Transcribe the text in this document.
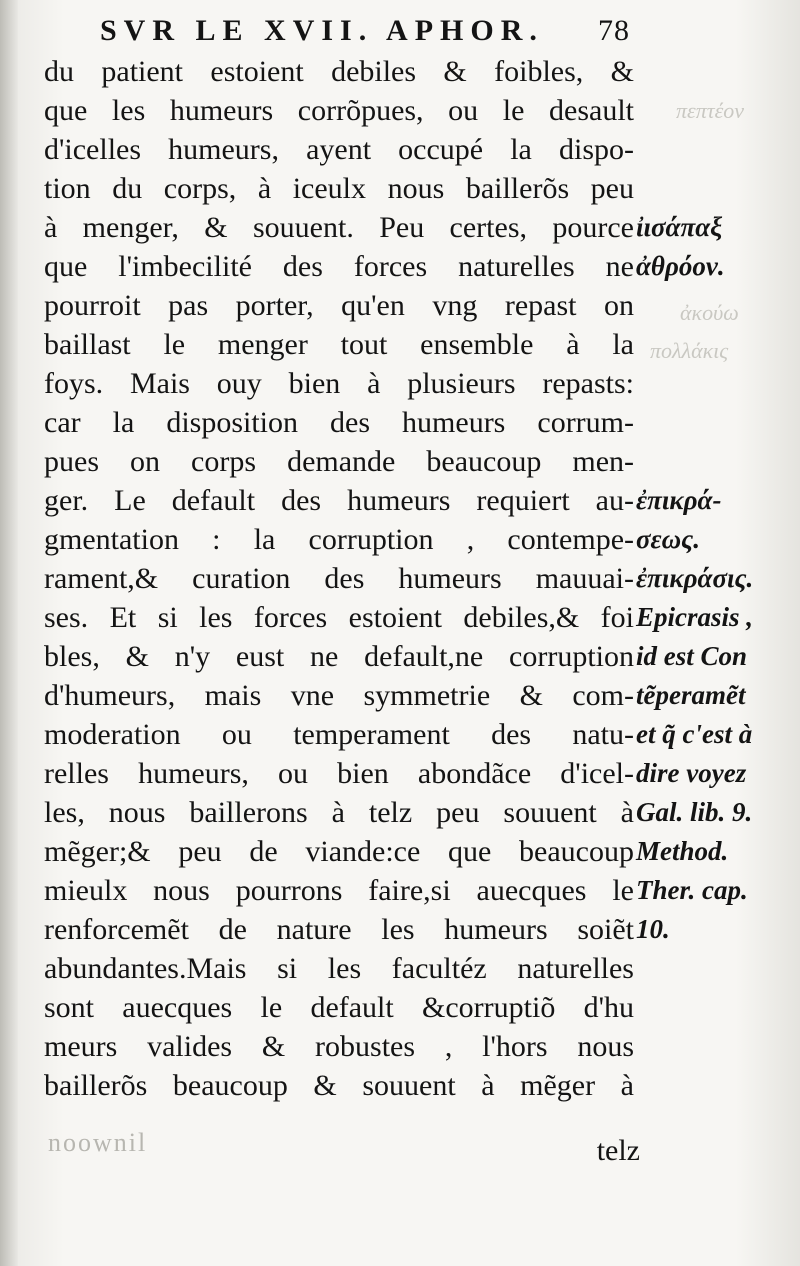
SVR LE XVII. APHOR. 78
du patient estoient debiles & foibles, &
que les humeurs corrõpues, ou le desault
d'icelles humeurs, ayent occupé la dispo-
tion du corps, à iceulx nous baillerõs peu
à menger, & souuent. Peu certes, pource
que l'imbecilité des forces naturelles ne
pourroit pas porter, qu'en vng repast on
baillast le menger tout ensemble à la
foys. Mais ouy bien à plusieurs repasts:
car la disposition des humeurs corrum-
pues on corps demande beaucoup men-
ger. Le default des humeurs requiert au-
gmentation : la corruption , contempe-
rament,& curation des humeurs mauuai-
ses. Et si les forces estoient debiles,& foi
bles, & n'y eust ne default,ne corruption
d'humeurs, mais vne symmetrie & com-
moderation ou temperament des natu-
relles humeurs, ou bien abondãce d'icel-
les, nous baillerons à telz peu souuent à
mẽger;& peu de viande:ce que beaucoup
mieulx nous pourrons faire,si auecques le
renforcemẽt de nature les humeurs soiẽt
abundantes.Mais si les facultéz naturelles
sont auecques le default &corruptiõ d'hu
meurs valides & robustes , l'hors nous
baillerõs beaucoup & souuent à mẽger à
telz
ἰισάπαξ
ἀθρόον.
ἐπικρά-
σεως.
ἐπικράσις.
Epicrasis ,
id est Con
tẽperamẽt
et q̃ c'est à
dire voyez
Gal. lib. 9.
Method.
Ther. cap.
10.
πεπτέον
ἀκούω
πολλάκις
noownil
